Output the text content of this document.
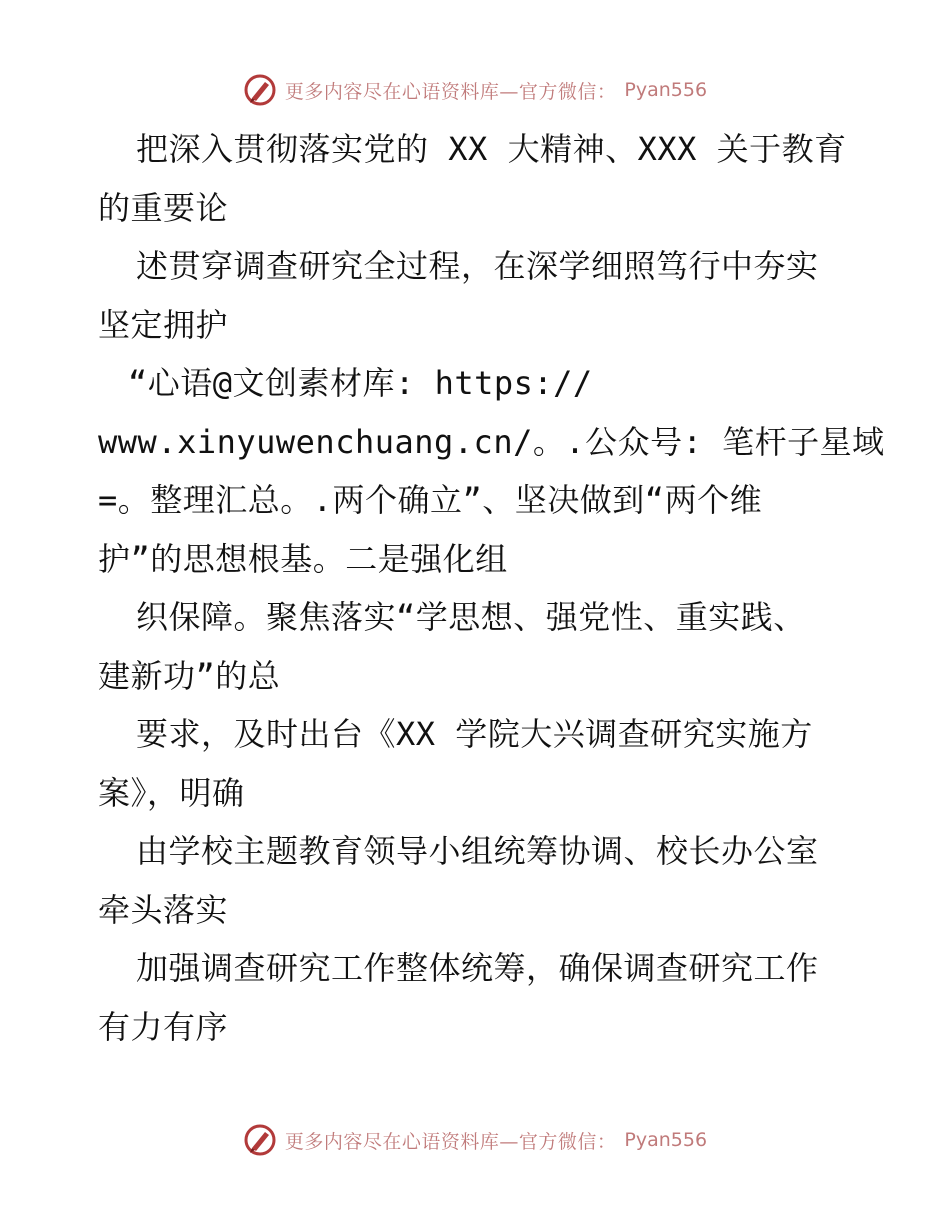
更多内容尽在心语资料库—官方微信： Pyan556
把深入贯彻落实党的 XX 大精神、XXX 关于教育
的重要论
述贯穿调查研究全过程，在深学细照笃行中夯实
坚定拥护
“心语@文创素材库: https://
www.xinyuwenchuang.cn/。.公众号: 笔杆子星域
=。整理汇总。.两个确立”、坚决做到“两个维
护”的思想根基。二是强化组
织保障。聚焦落实“学思想、强党性、重实践、
建新功”的总
要求，及时出台《XX 学院大兴调查研究实施方
案》，明确
由学校主题教育领导小组统筹协调、校长办公室
牵头落实
加强调查研究工作整体统筹，确保调查研究工作
有力有序
更多内容尽在心语资料库—官方微信： Pyan556
